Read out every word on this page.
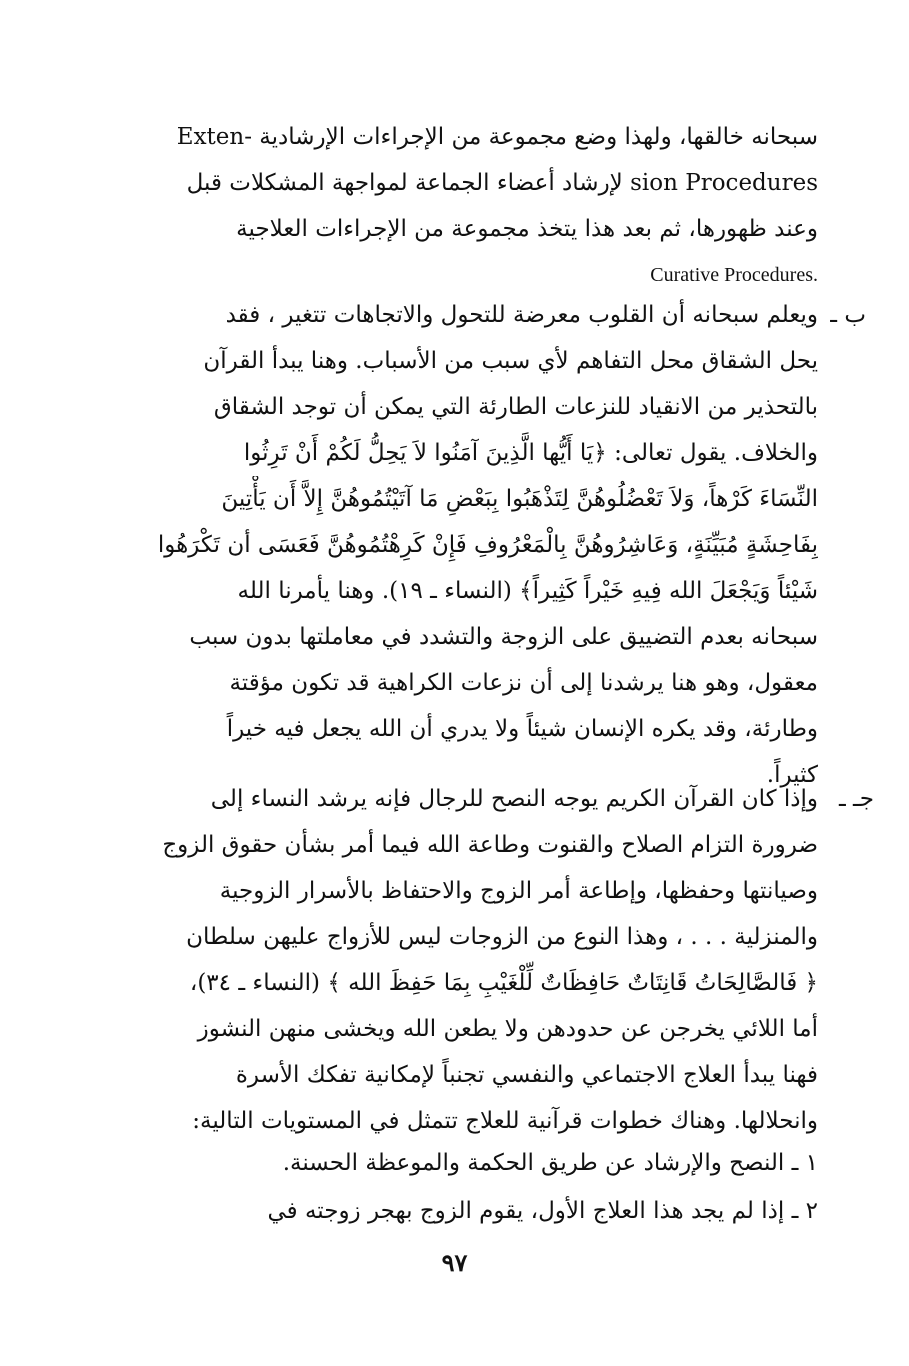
سبحانه خالقها، ولهذا وضع مجموعة من الإجراءات الإرشادية -Exten
sion Procedures لإرشاد أعضاء الجماعة لمواجهة المشكلات قبل
وعند ظهورها، ثم بعد هذا يتخذ مجموعة من الإجراءات العلاجية
.Curative Procedures
ب ـ
ويعلم سبحانه أن القلوب معرضة للتحول والاتجاهات تتغير ، فقد
يحل الشقاق محل التفاهم لأي سبب من الأسباب. وهنا يبدأ القرآن
بالتحذير من الانقياد للنزعات الطارئة التي يمكن أن توجد الشقاق
والخلاف. يقول تعالى: ﴿يَا أَيُّها الَّذِينَ آمَنُوا لاَ يَحِلُّ لَكُمْ أَنْ تَرِثُوا
النِّسَاءَ كَرْهاً، وَلاَ تَعْضُلُوهُنَّ لِتَذْهَبُوا بِبَعْضِ مَا آتَيْتُمُوهُنَّ إِلاَّ أَن يَأْتِينَ
بِفَاحِشَةٍ مُبَيِّنَةٍ، وَعَاشِرُوهُنَّ بِالْمَعْرُوفِ فَإِنْ كَرِهْتُمُوهُنَّ فَعَسَى أن تَكْرَهُوا
شَيْئاً وَيَجْعَلَ الله فِيهِ خَيْراً كَثِيراً﴾ (النساء ـ ١٩). وهنا يأمرنا الله
سبحانه بعدم التضييق على الزوجة والتشدد في معاملتها بدون سبب
معقول، وهو هنا يرشدنا إلى أن نزعات الكراهية قد تكون مؤقتة
وطارئة، وقد يكره الإنسان شيئاً ولا يدري أن الله يجعل فيه خيراً
كثيراً.
جـ ـ
وإذا كان القرآن الكريم يوجه النصح للرجال فإنه يرشد النساء إلى
ضرورة التزام الصلاح والقنوت وطاعة الله فيما أمر بشأن حقوق الزوج
وصيانتها وحفظها، وإطاعة أمر الزوج والاحتفاظ بالأسرار الزوجية
والمنزلية . . . ، وهذا النوع من الزوجات ليس للأزواج عليهن سلطان
﴿ فَالصَّالِحَاتُ قَانِتَاتٌ حَافِظَاتٌ لِّلْغَيْبِ بِمَا حَفِظَ الله ﴾ (النساء ـ ٣٤)،
أما اللائي يخرجن عن حدودهن ولا يطعن الله ويخشى منهن النشوز
فهنا يبدأ العلاج الاجتماعي والنفسي تجنباً لإمكانية تفكك الأسرة
وانحلالها. وهناك خطوات قرآنية للعلاج تتمثل في المستويات التالية:
١ ـ النصح والإرشاد عن طريق الحكمة والموعظة الحسنة.
٢ ـ إذا لم يجد هذا العلاج الأول، يقوم الزوج بهجر زوجته في
٩٧
